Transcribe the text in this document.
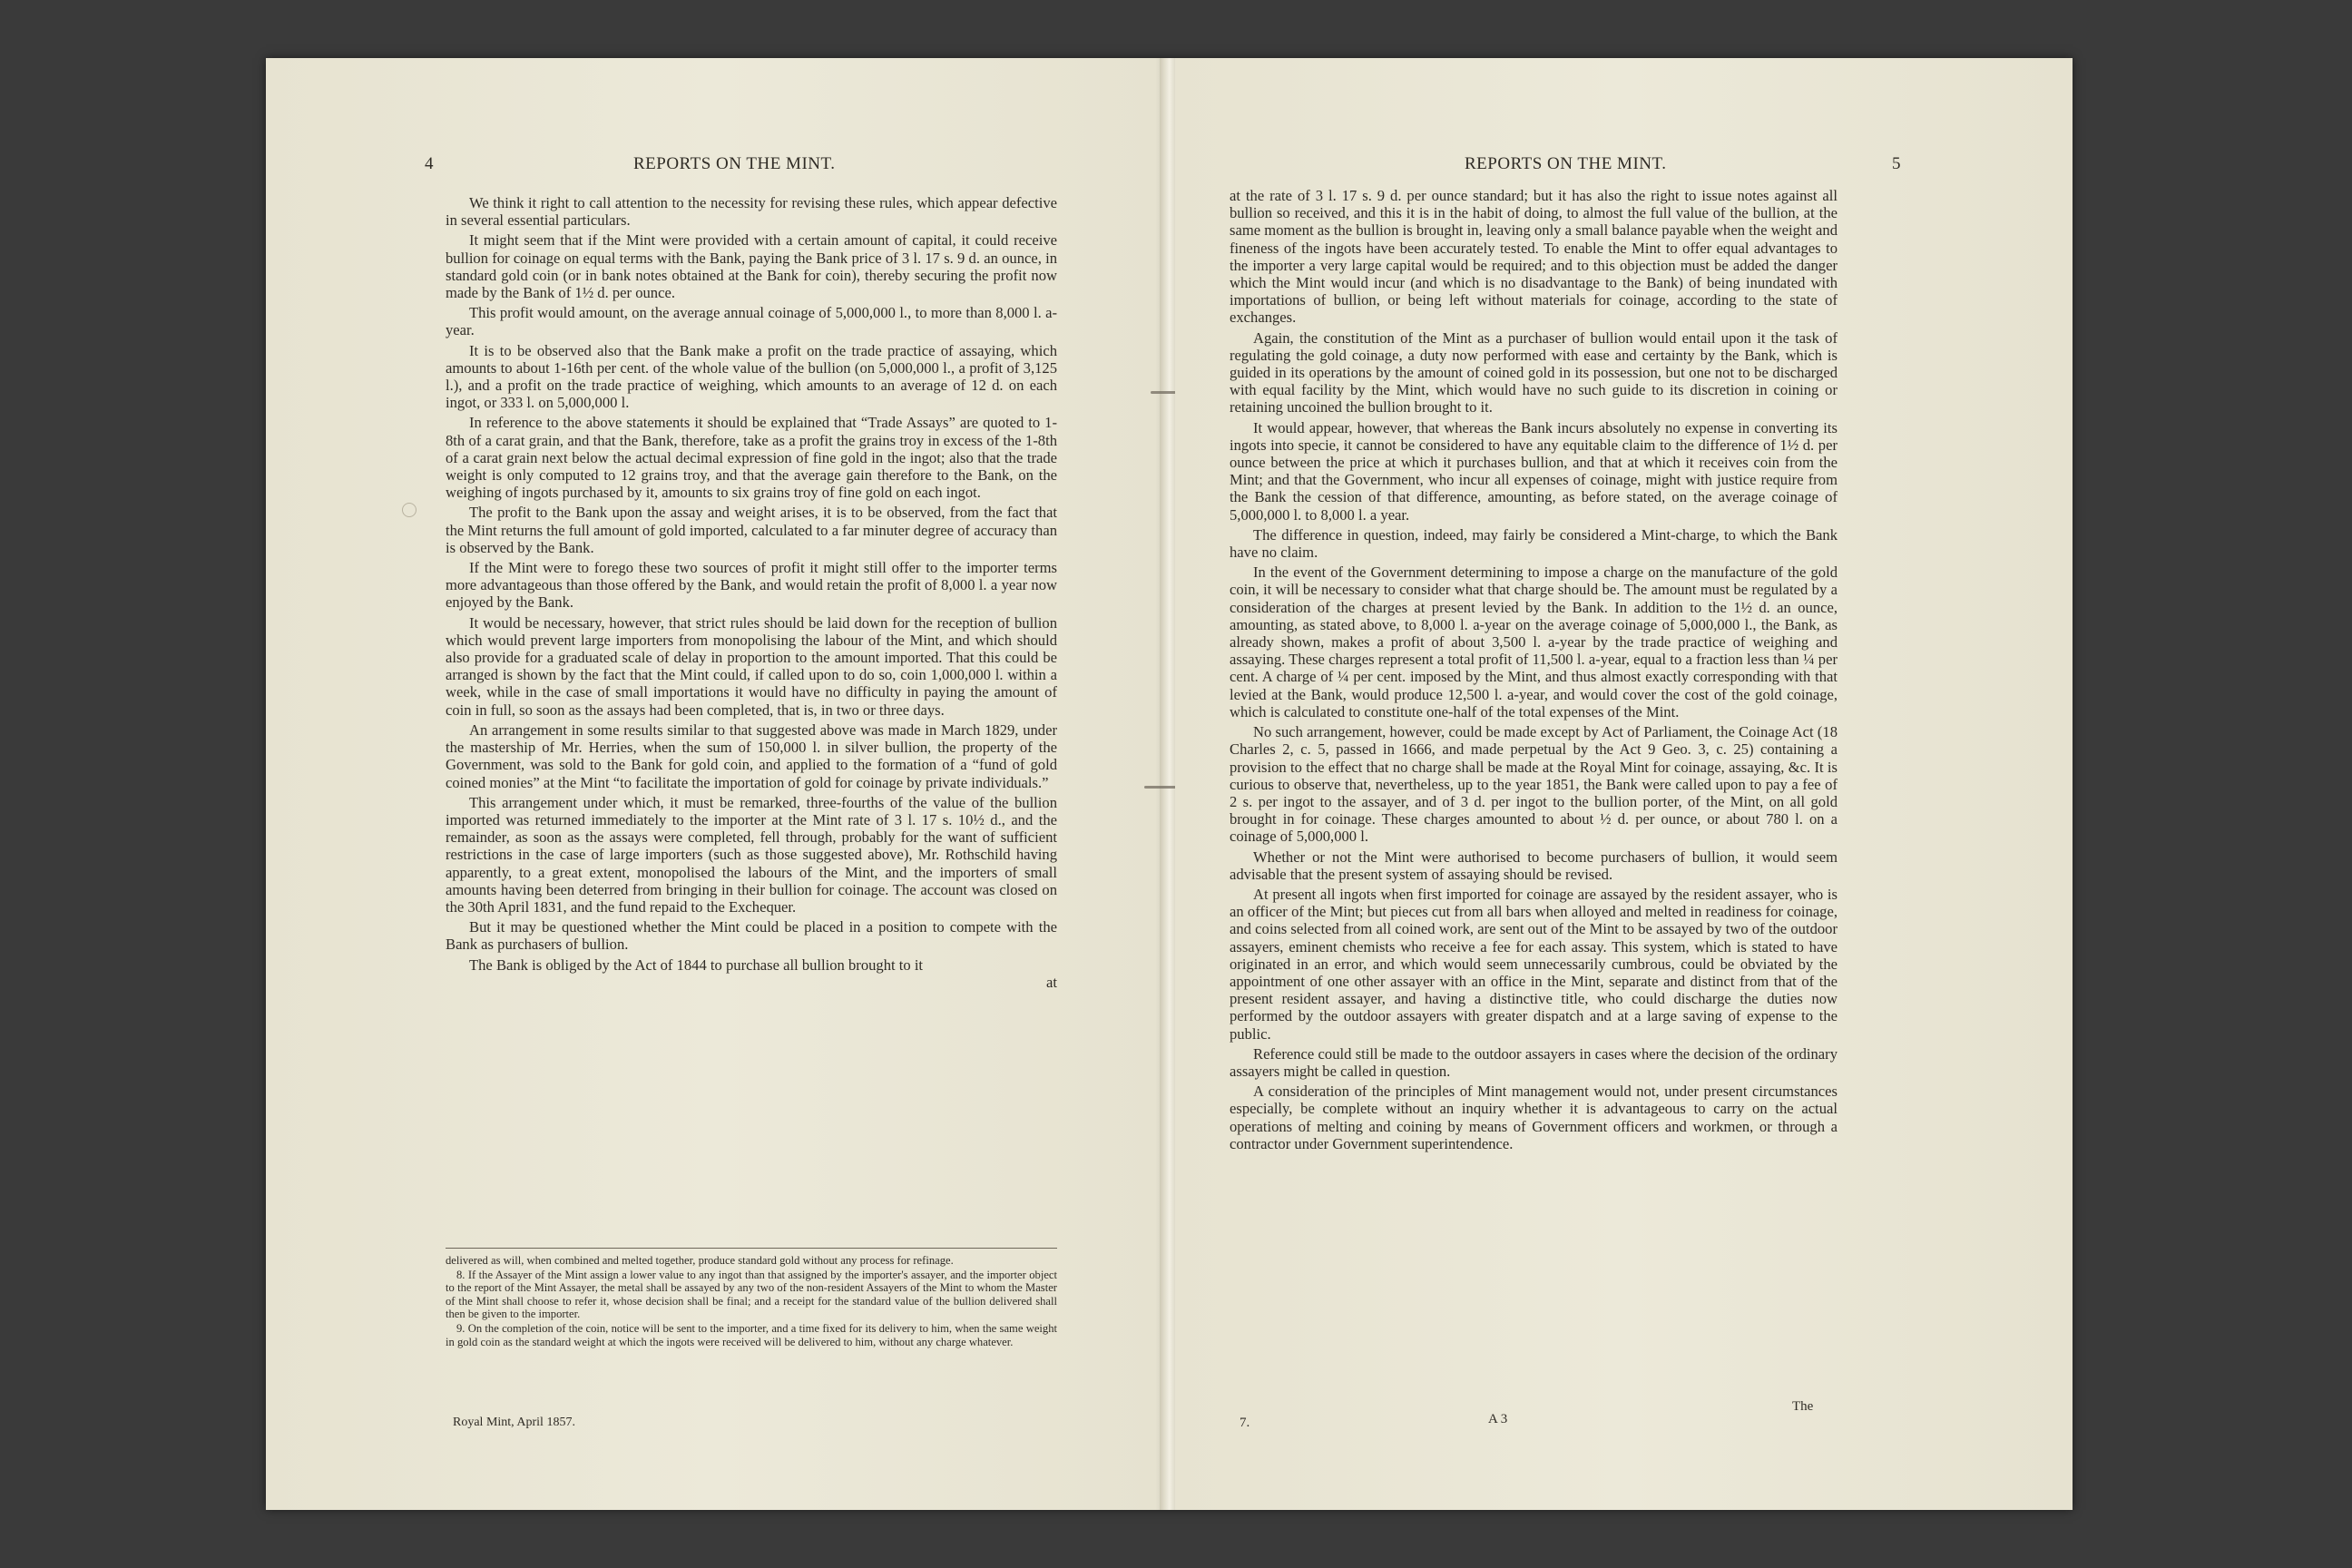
4	REPORTS ON THE MINT.

We think it right to call attention to the necessity for revising these rules, which appear defective in several essential particulars.

It might seem that if the Mint were provided with a certain amount of capital, it could receive bullion for coinage on equal terms with the Bank, paying the Bank price of 3 l. 17 s. 9 d. an ounce, in standard gold coin (or in bank notes obtained at the Bank for coin), thereby securing the profit now made by the Bank of 1½ d. per ounce.

This profit would amount, on the average annual coinage of 5,000,000 l., to more than 8,000 l. a-year.

It is to be observed also that the Bank make a profit on the trade practice of assaying, which amounts to about 1-16th per cent. of the whole value of the bullion (on 5,000,000 l., a profit of 3,125 l.), and a profit on the trade practice of weighing, which amounts to an average of 12 d. on each ingot, or 333 l. on 5,000,000 l.

In reference to the above statements it should be explained that “Trade Assays” are quoted to 1-8th of a carat grain, and that the Bank, therefore, take as a profit the grains troy in excess of the 1-8th of a carat grain next below the actual decimal expression of fine gold in the ingot; also that the trade weight is only computed to 12 grains troy, and that the average gain therefore to the Bank, on the weighing of ingots purchased by it, amounts to six grains troy of fine gold on each ingot.

The profit to the Bank upon the assay and weight arises, it is to be observed, from the fact that the Mint returns the full amount of gold imported, calculated to a far minuter degree of accuracy than is observed by the Bank.

If the Mint were to forego these two sources of profit it might still offer to the importer terms more advantageous than those offered by the Bank, and would retain the profit of 8,000 l. a year now enjoyed by the Bank.

It would be necessary, however, that strict rules should be laid down for the reception of bullion which would prevent large importers from monopolising the labour of the Mint, and which should also provide for a graduated scale of delay in proportion to the amount imported. That this could be arranged is shown by the fact that the Mint could, if called upon to do so, coin 1,000,000 l. within a week, while in the case of small importations it would have no difficulty in paying the amount of coin in full, so soon as the assays had been completed, that is, in two or three days.

An arrangement in some results similar to that suggested above was made in March 1829, under the mastership of Mr. Herries, when the sum of 150,000 l. in silver bullion, the property of the Government, was sold to the Bank for gold coin, and applied to the formation of a “fund of gold coined monies” at the Mint “to facilitate the importation of gold for coinage by private individuals.”

This arrangement under which, it must be remarked, three-fourths of the value of the bullion imported was returned immediately to the importer at the Mint rate of 3 l. 17 s. 10½ d., and the remainder, as soon as the assays were completed, fell through, probably for the want of sufficient restrictions in the case of large importers (such as those suggested above), Mr. Rothschild having apparently, to a great extent, monopolised the labours of the Mint, and the importers of small amounts having been deterred from bringing in their bullion for coinage. The account was closed on the 30th April 1831, and the fund repaid to the Exchequer.

But it may be questioned whether the Mint could be placed in a position to compete with the Bank as purchasers of bullion.

The Bank is obliged by the Act of 1844 to purchase all bullion brought to it

at

delivered as will, when combined and melted together, produce standard gold without any process for refinage.

8. If the Assayer of the Mint assign a lower value to any ingot than that assigned by the importer's assayer, and the importer object to the report of the Mint Assayer, the metal shall be assayed by any two of the non-resident Assayers of the Mint to whom the Master of the Mint shall choose to refer it, whose decision shall be final; and a receipt for the standard value of the bullion delivered shall then be given to the importer.

9. On the completion of the coin, notice will be sent to the importer, and a time fixed for its delivery to him, when the same weight in gold coin as the standard weight at which the ingots were received will be delivered to him, without any charge whatever.

Royal Mint, April 1857.
REPORTS ON THE MINT.	5

at the rate of 3 l. 17 s. 9 d. per ounce standard; but it has also the right to issue notes against all bullion so received, and this it is in the habit of doing, to almost the full value of the bullion, at the same moment as the bullion is brought in, leaving only a small balance payable when the weight and fineness of the ingots have been accurately tested. To enable the Mint to offer equal advantages to the importer a very large capital would be required; and to this objection must be added the danger which the Mint would incur (and which is no disadvantage to the Bank) of being inundated with importations of bullion, or being left without materials for coinage, according to the state of exchanges.

Again, the constitution of the Mint as a purchaser of bullion would entail upon it the task of regulating the gold coinage, a duty now performed with ease and certainty by the Bank, which is guided in its operations by the amount of coined gold in its possession, but one not to be discharged with equal facility by the Mint, which would have no such guide to its discretion in coining or retaining uncoined the bullion brought to it.

It would appear, however, that whereas the Bank incurs absolutely no expense in converting its ingots into specie, it cannot be considered to have any equitable claim to the difference of 1½ d. per ounce between the price at which it purchases bullion, and that at which it receives coin from the Mint; and that the Government, who incur all expenses of coinage, might with justice require from the Bank the cession of that difference, amounting, as before stated, on the average coinage of 5,000,000 l. to 8,000 l. a year.

The difference in question, indeed, may fairly be considered a Mint-charge, to which the Bank have no claim.

In the event of the Government determining to impose a charge on the manufacture of the gold coin, it will be necessary to consider what that charge should be. The amount must be regulated by a consideration of the charges at present levied by the Bank. In addition to the 1½ d. an ounce, amounting, as stated above, to 8,000 l. a-year on the average coinage of 5,000,000 l., the Bank, as already shown, makes a profit of about 3,500 l. a-year by the trade practice of weighing and assaying. These charges represent a total profit of 11,500 l. a-year, equal to a fraction less than ¼ per cent. A charge of ¼ per cent. imposed by the Mint, and thus almost exactly corresponding with that levied at the Bank, would produce 12,500 l. a-year, and would cover the cost of the gold coinage, which is calculated to constitute one-half of the total expenses of the Mint.

No such arrangement, however, could be made except by Act of Parliament, the Coinage Act (18 Charles 2, c. 5, passed in 1666, and made perpetual by the Act 9 Geo. 3, c. 25) containing a provision to the effect that no charge shall be made at the Royal Mint for coinage, assaying, &c. It is curious to observe that, nevertheless, up to the year 1851, the Bank were called upon to pay a fee of 2 s. per ingot to the assayer, and of 3 d. per ingot to the bullion porter, of the Mint, on all gold brought in for coinage. These charges amounted to about ½ d. per ounce, or about 780 l. on a coinage of 5,000,000 l.

Whether or not the Mint were authorised to become purchasers of bullion, it would seem advisable that the present system of assaying should be revised.

At present all ingots when first imported for coinage are assayed by the resident assayer, who is an officer of the Mint; but pieces cut from all bars when alloyed and melted in readiness for coinage, and coins selected from all coined work, are sent out of the Mint to be assayed by two of the outdoor assayers, eminent chemists who receive a fee for each assay. This system, which is stated to have originated in an error, and which would seem unnecessarily cumbrous, could be obviated by the appointment of one other assayer with an office in the Mint, separate and distinct from that of the present resident assayer, and having a distinctive title, who could discharge the duties now performed by the outdoor assayers with greater dispatch and at a large saving of expense to the public.

Reference could still be made to the outdoor assayers in cases where the decision of the ordinary assayers might be called in question.

A consideration of the principles of Mint management would not, under present circumstances especially, be complete without an inquiry whether it is advantageous to carry on the actual operations of melting and coining by means of Government officers and workmen, or through a contractor under Government superintendence.

The
7.	A 3
